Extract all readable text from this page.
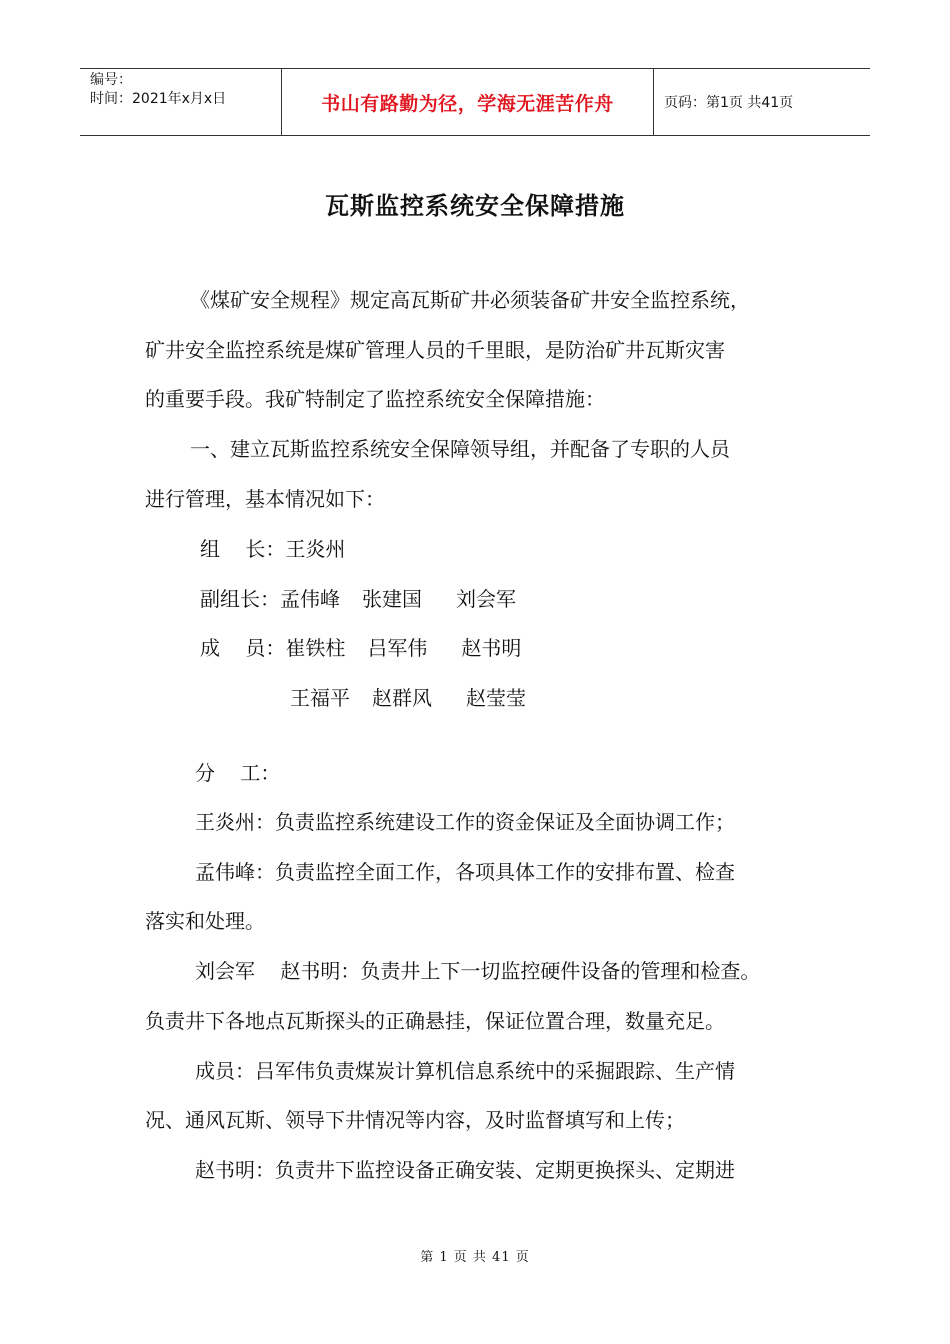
编号：
时间：2021年x月x日	书山有路勤为径，学海无涯苦作舟	页码：第1页 共41页
瓦斯监控系统安全保障措施
《煤矿安全规程》规定高瓦斯矿井必须装备矿井安全监控系统，
矿井安全监控系统是煤矿管理人员的千里眼，是防治矿井瓦斯灾害
的重要手段。我矿特制定了监控系统安全保障措施：
一、建立瓦斯监控系统安全保障领导组，并配备了专职的人员
进行管理，基本情况如下：
组    长：王炎州
副组长：孟伟峰 张建国 刘会军
成    员：崔铁柱 吕军伟 赵书明
王福平 赵群风 赵莹莹
分    工：
王炎州：负责监控系统建设工作的资金保证及全面协调工作；
孟伟峰：负责监控全面工作，各项具体工作的安排布置、检查
落实和处理。
刘会军    赵书明：负责井上下一切监控硬件设备的管理和检查。
负责井下各地点瓦斯探头的正确悬挂，保证位置合理，数量充足。
成员：吕军伟负责煤炭计算机信息系统中的采掘跟踪、生产情
况、通风瓦斯、领导下井情况等内容，及时监督填写和上传；
赵书明：负责井下监控设备正确安装、定期更换探头、定期进
第 1 页 共 41 页
